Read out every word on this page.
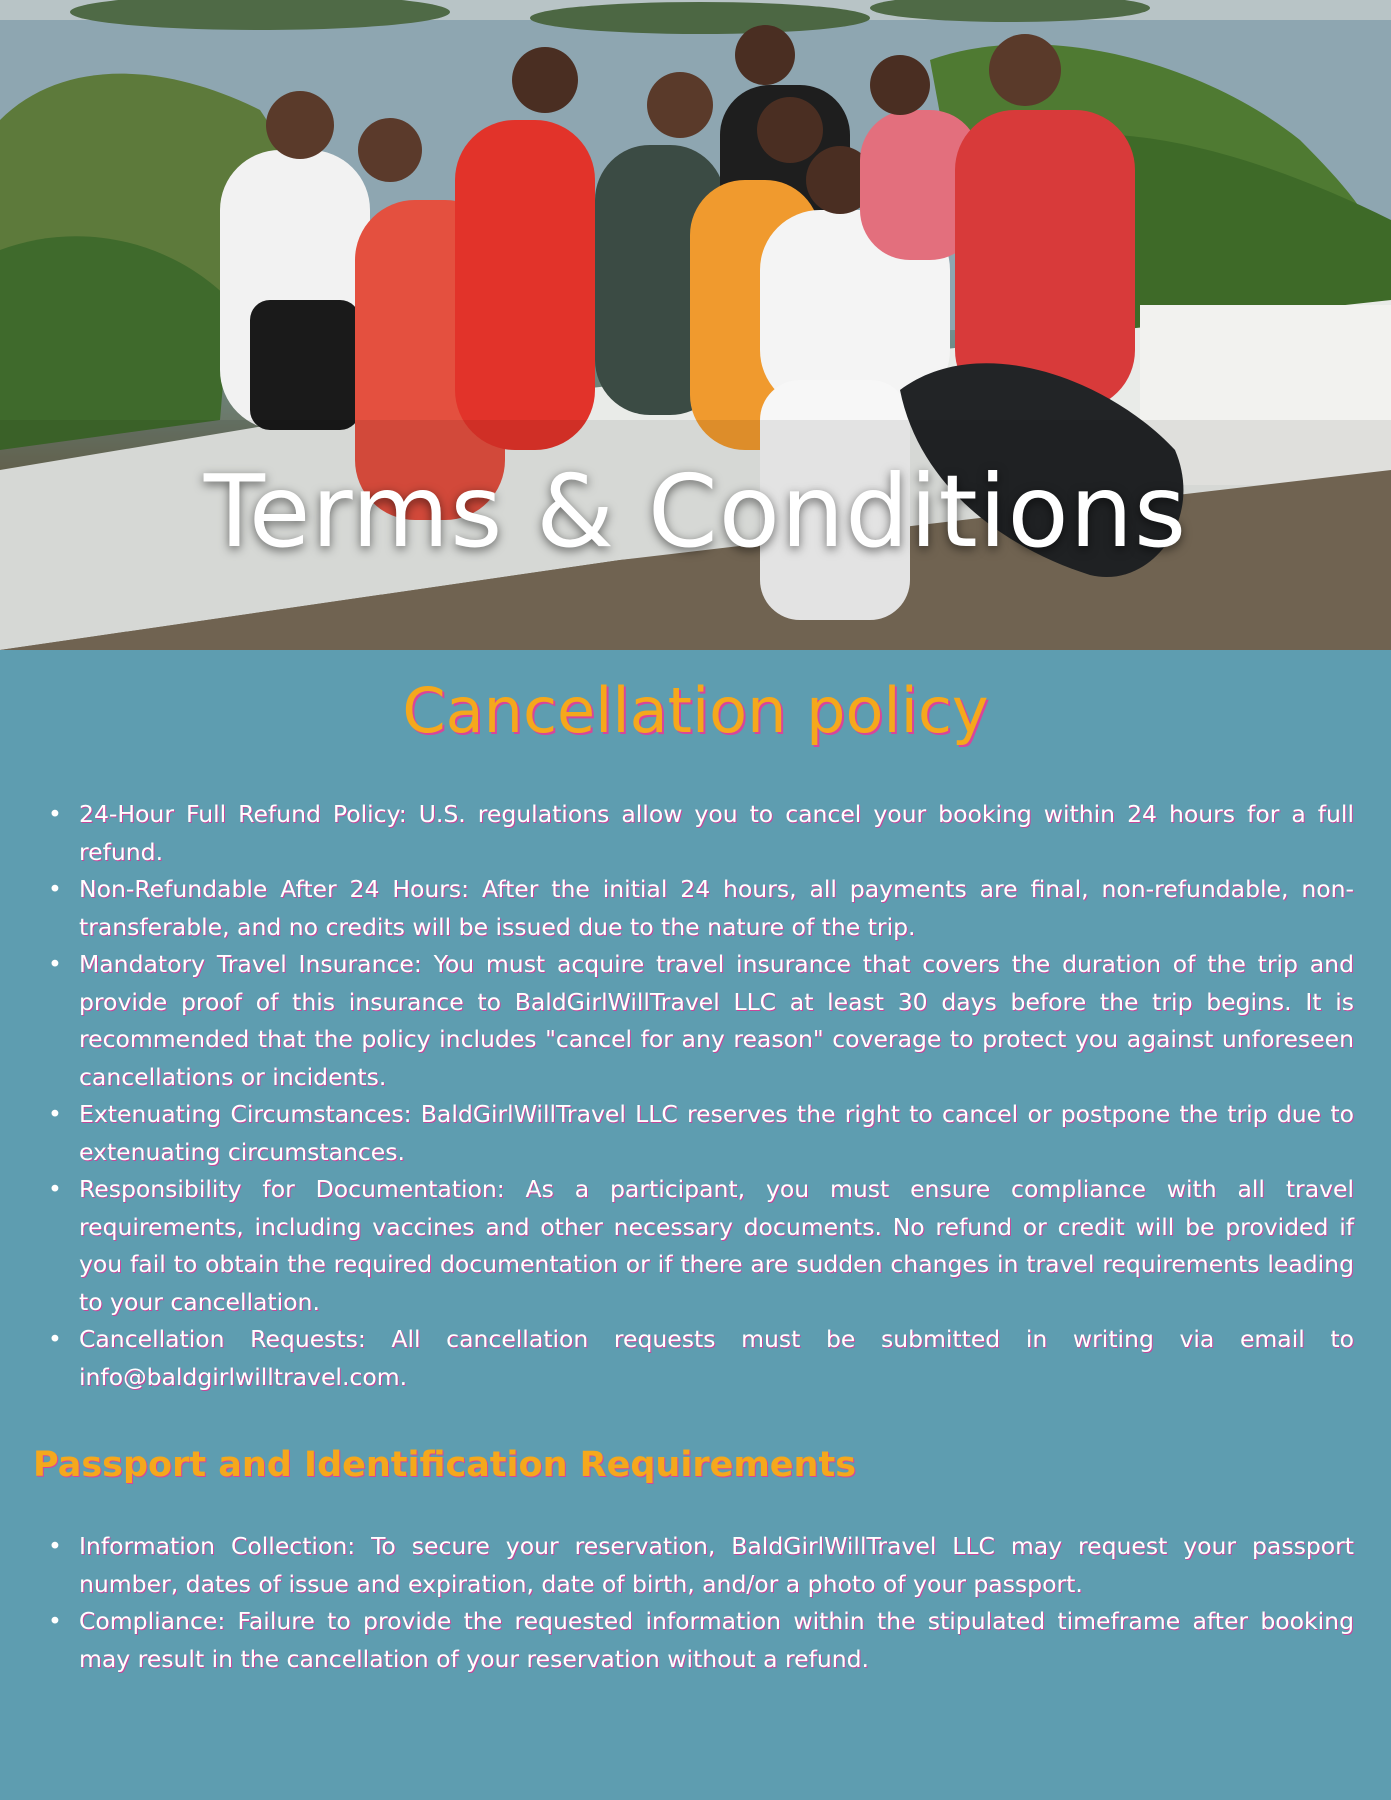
Terms & Conditions
Cancellation policy
• 24-Hour Full Refund Policy: U.S. regulations allow you to cancel your booking within 24 hours for a full refund.
• Non-Refundable After 24 Hours: After the initial 24 hours, all payments are final, non-refundable, non-transferable, and no credits will be issued due to the nature of the trip.
• Mandatory Travel Insurance: You must acquire travel insurance that covers the duration of the trip and provide proof of this insurance to BaldGirlWillTravel LLC at least 30 days before the trip begins. It is recommended that the policy includes "cancel for any reason" coverage to protect you against unforeseen cancellations or incidents.
• Extenuating Circumstances: BaldGirlWillTravel LLC reserves the right to cancel or postpone the trip due to extenuating circumstances.
• Responsibility for Documentation: As a participant, you must ensure compliance with all travel requirements, including vaccines and other necessary documents. No refund or credit will be provided if you fail to obtain the required documentation or if there are sudden changes in travel requirements leading to your cancellation.
• Cancellation Requests: All cancellation requests must be submitted in writing via email to info@baldgirlwilltravel.com.
Passport and Identification Requirements
• Information Collection: To secure your reservation, BaldGirlWillTravel LLC may request your passport number, dates of issue and expiration, date of birth, and/or a photo of your passport.
• Compliance: Failure to provide the requested information within the stipulated timeframe after booking may result in the cancellation of your reservation without a refund.
